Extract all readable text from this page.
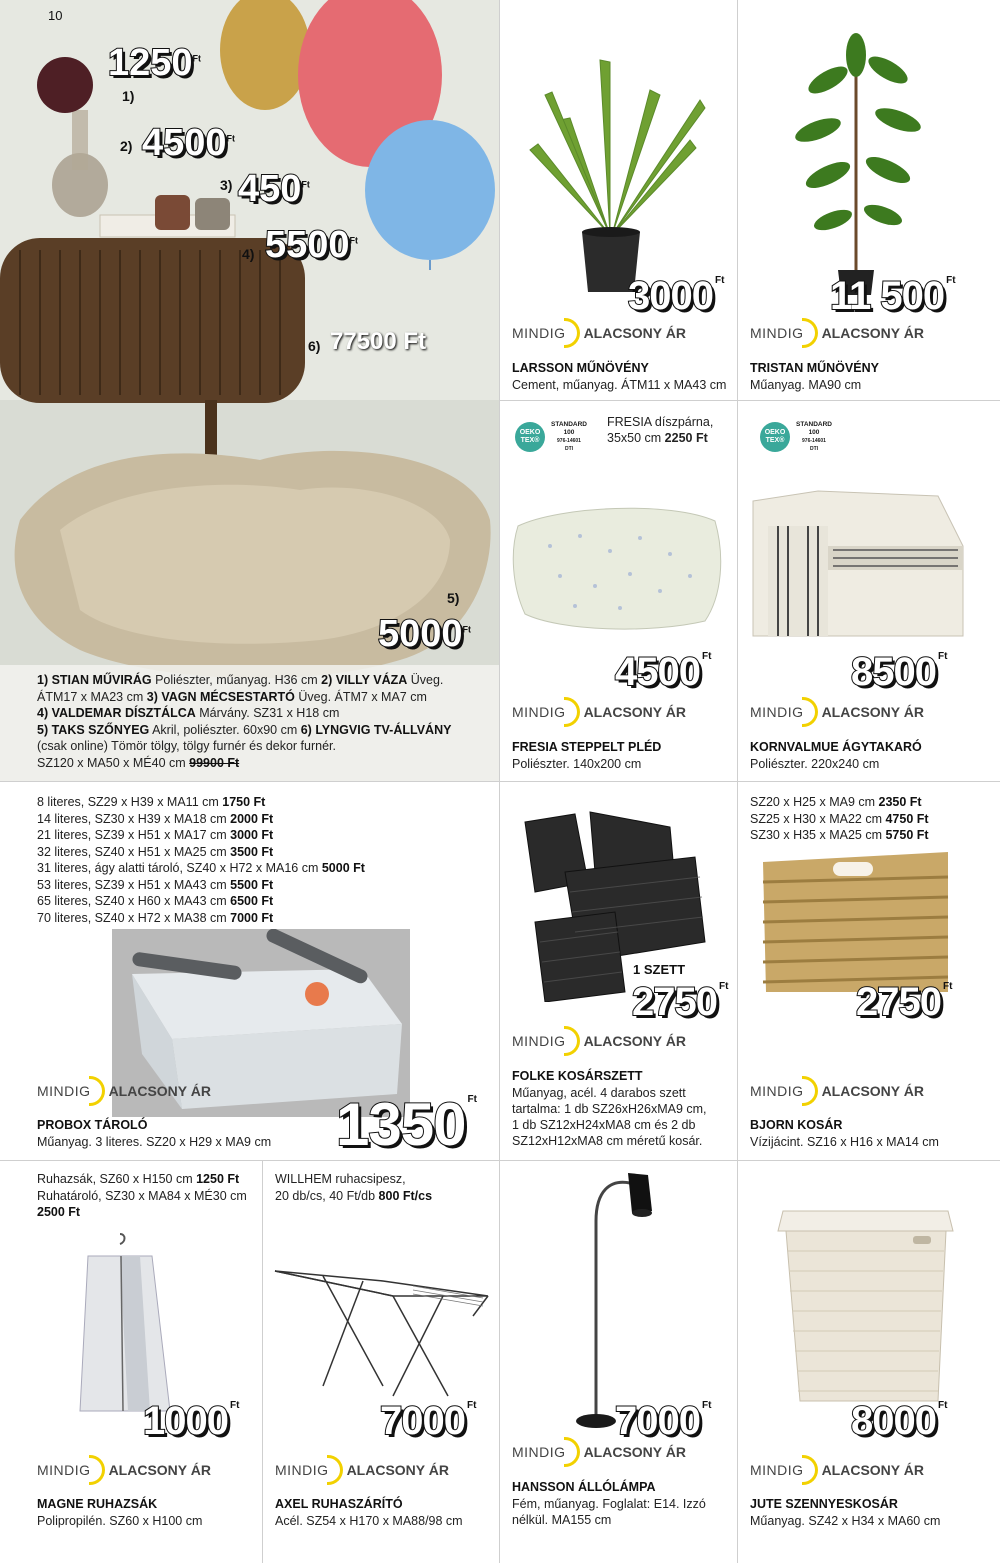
10
$1250^{Ft}$
1)
2) $4500^{Ft}$
3) $450^{Ft}$
4) $5500^{Ft}$
6) 77500 Ft
5)
$5000^{Ft}$
1) STIAN MŰVIRÁG Poliészter, műanyag. H36 cm 2) VILLY VÁZA Üveg.
ÁTM17 x MA23 cm 3) VAGN MÉCSESTARTÓ Üveg. ÁTM7 x MA7 cm
4) VALDEMAR DÍSZTÁLCA Márvány. SZ31 x H18 cm
5) TAKS SZŐNYEG Akril, poliészter. 60x90 cm 6) LYNGVIG TV-ÁLLVÁNY
(csak online) Tömör tölgy, tölgy furnér és dekor furnér.
SZ120 x MA50 x MÉ40 cm 99900 Ft
3000 $^{Ft}$
MINDIG ALACSONY ÁR
LARSSON MŰNÖVÉNY
Cement, műanyag. ÁTM11 x MA43 cm
11 500 $^{Ft}$
MINDIG ALACSONY ÁR
TRISTAN MŰNÖVÉNY
Műanyag. MA90 cm
OEKO
TEX®
STANDARD
100
976-14601
DTI
FRESIA díszpárna,
35x50 cm 2250 Ft
4500 $^{Ft}$
MINDIG ALACSONY ÁR
FRESIA STEPPELT PLÉD
Poliészter. 140x200 cm
OEKO
TEX®
STANDARD
100
976-14601
DTI
8500 $^{Ft}$
MINDIG ALACSONY ÁR
KORNVALMUE ÁGYTAKARÓ
Poliészter. 220x240 cm
8 literes, SZ29 x H39 x MA11 cm 1750 Ft
14 literes, SZ30 x H39 x MA18 cm 2000 Ft
21 literes, SZ39 x H51 x MA17 cm 3000 Ft
32 literes, SZ40 x H51 x MA25 cm 3500 Ft
31 literes, ágy alatti tároló, SZ40 x H72 x MA16 cm 5000 Ft
53 literes, SZ39 x H51 x MA43 cm 5500 Ft
65 literes, SZ40 x H60 x MA43 cm 6500 Ft
70 literes, SZ40 x H72 x MA38 cm 7000 Ft
MINDIG ALACSONY ÁR 1350 $^{Ft}$
PROBOX TÁROLÓ
Műanyag. 3 literes. SZ20 x H29 x MA9 cm
1 SZETT
2750 $^{Ft}$
MINDIG ALACSONY ÁR
FOLKE KOSÁRSZETT
Műanyag, acél. 4 darabos szett
tartalma: 1 db SZ26xH26xMA9 cm,
1 db SZ12xH24xMA8 cm és 2 db
SZ12xH12xMA8 cm méretű kosár.
SZ20 x H25 x MA9 cm 2350 Ft
SZ25 x H30 x MA22 cm 4750 Ft
SZ30 x H35 x MA25 cm 5750 Ft
2750 $^{Ft}$
MINDIG ALACSONY ÁR
BJORN KOSÁR
Vízijácint. SZ16 x H16 x MA14 cm
Ruhazsák, SZ60 x H150 cm 1250 Ft
Ruhatároló, SZ30 x MA84 x MÉ30 cm
2500 Ft
1000 $^{Ft}$
MINDIG ALACSONY ÁR
MAGNE RUHAZSÁK
Polipropilén. SZ60 x H100 cm
WILLHEM ruhacsipesz,
20 db/cs, 40 Ft/db 800 Ft/cs
7000 $^{Ft}$
MINDIG ALACSONY ÁR
AXEL RUHASZÁRÍTÓ
Acél. SZ54 x H170 x MA88/98 cm
7000 $^{Ft}$
MINDIG ALACSONY ÁR
HANSSON ÁLLÓLÁMPA
Fém, műanyag. Foglalat: E14. Izzó
nélkül. MA155 cm
8000 $^{Ft}$
MINDIG ALACSONY ÁR
JUTE SZENNYESKOSÁR
Műanyag. SZ42 x H34 x MA60 cm
